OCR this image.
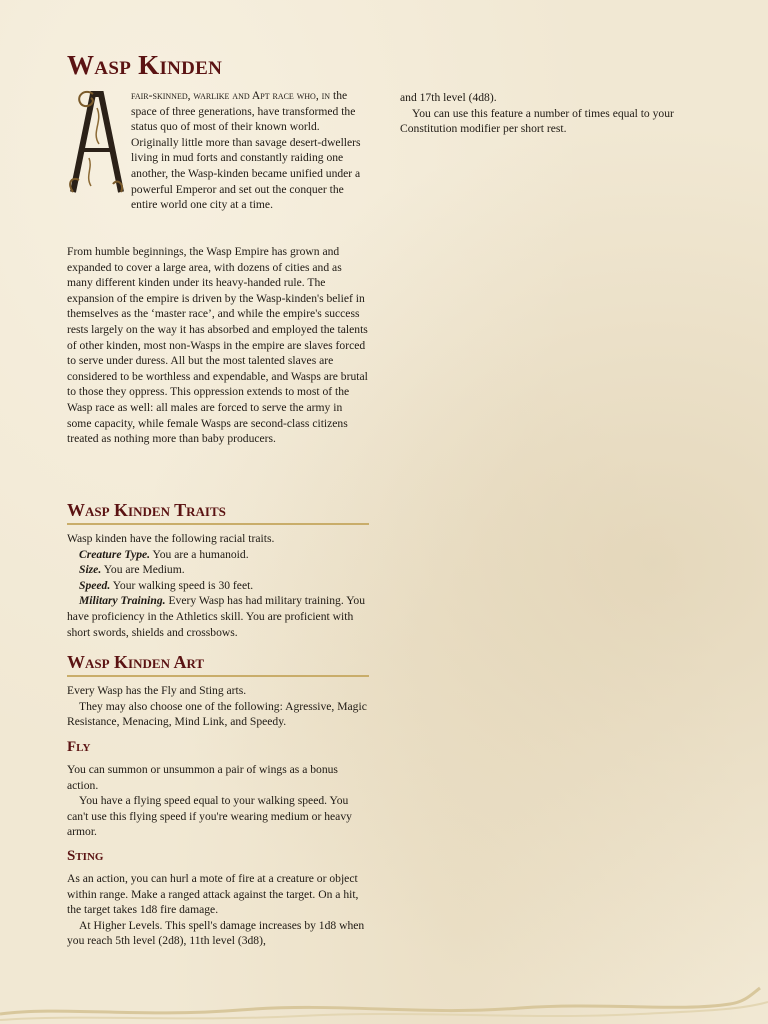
Wasp Kinden

fair-skinned, warlike and Apt race who, in the space of three generations, have transformed the status quo of most of their known world. Originally little more than savage desert-dwellers living in mud forts and constantly raiding one another, the Wasp-kinden became unified under a powerful Emperor and set out the conquer the entire world one city at a time.

From humble beginnings, the Wasp Empire has grown and expanded to cover a large area, with dozens of cities and as many different kinden under its heavy-handed rule. The expansion of the empire is driven by the Wasp-kinden's belief in themselves as the ‘master race’, and while the empire's success rests largely on the way it has absorbed and employed the talents of other kinden, most non-Wasps in the empire are slaves forced to serve under duress. All but the most talented slaves are considered to be worthless and expendable, and Wasps are brutal to those they oppress. This oppression extends to most of the Wasp race as well: all males are forced to serve the army in some capacity, while female Wasps are second-class citizens treated as nothing more than baby producers.

Wasp Kinden Traits

Wasp kinden have the following racial traits.

Creature Type. You are a humanoid.

Size. You are Medium.

Speed. Your walking speed is 30 feet.

Military Training. Every Wasp has had military training. You have proficiency in the Athletics skill. You are proficient with short swords, shields and crossbows.

Wasp Kinden Art

Every Wasp has the Fly and Sting arts.

They may also choose one of the following: Agressive, Magic Resistance, Menacing, Mind Link, and Speedy.

Fly

You can summon or unsummon a pair of wings as a bonus action.

You have a flying speed equal to your walking speed. You can't use this flying speed if you're wearing medium or heavy armor.

Sting

As an action, you can hurl a mote of fire at a creature or object within range. Make a ranged attack against the target. On a hit, the target takes 1d8 fire damage.

At Higher Levels. This spell's damage increases by 1d8 when you reach 5th level (2d8), 11th level (3d8),

and 17th level (4d8).

You can use this feature a number of times equal to your Constitution modifier per short rest.
